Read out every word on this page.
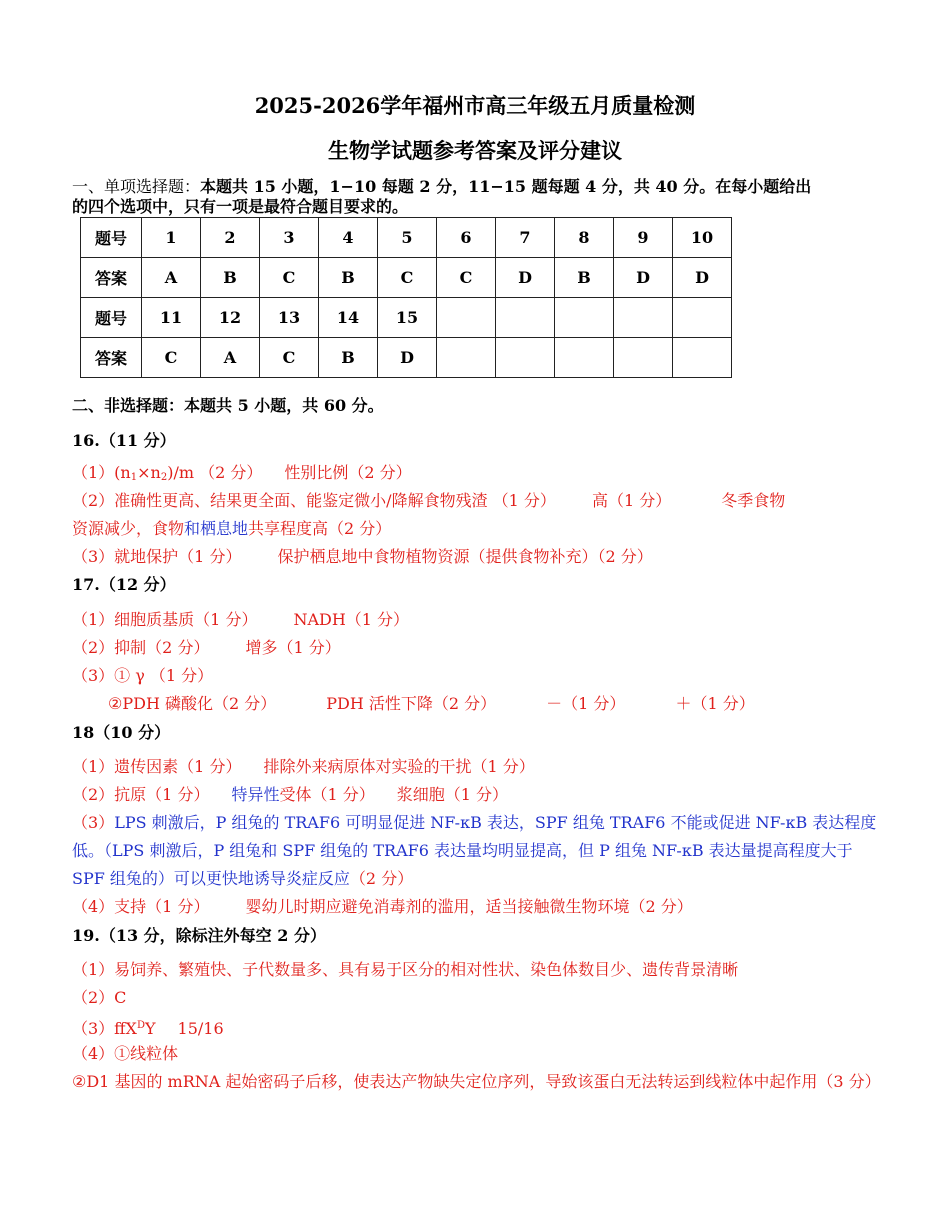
2025-2026学年福州市高三年级五月质量检测
生物学试题参考答案及评分建议
一、单项选择题：本题共 15 小题，1−10 每题 2 分，11−15 题每题 4 分，共 40 分。在每小题给出
的四个选项中，只有一项是最符合题目要求的。
题号	1	2	3	4	5	6	7	8	9	10
答案	A	B	C	B	C	C	D	B	D	D
题号	11	12	13	14	15					
答案	C	A	C	B	D					
二、非选择题：本题共 5 小题，共 60 分。
16.（11 分）
$(1)(n_1\times n_2)/m$ （2 分） 性别比例（2 分）
（2）准确性更高、结果更全面、能鉴定微小/降解食物残渣 （1 分） 高（1 分）	冬季食物
资源减少，食物和栖息地共享程度高（2 分）
（3）就地保护（1 分） 保护栖息地中食物植物资源（提供食物补充）（2 分）
17.（12 分）
（1）细胞质基质（1 分） NADH（1 分）
（2）抑制（2 分） 增多（1 分）
（3）① γ （1 分）
②PDH 磷酸化（2 分）	PDH 活性下降（2 分）	－（1 分）	＋（1 分）
18（10 分）
（1）遗传因素（1 分） 排除外来病原体对实验的干扰（1 分）
（2）抗原（1 分） 特异性受体（1 分） 浆细胞（1 分）
（3）LPS 刺激后，P 组兔的 TRAF6 可明显促进 NF-κB 表达，SPF 组兔 TRAF6 不能或促进 NF-κB 表达程度低。（LPS 刺激后，P 组兔和 SPF 组兔的 TRAF6 表达量均明显提高，但 P 组兔 NF-κB 表达量提高程度大于 SPF 组兔的）可以更快地诱导炎症反应（2 分）
（4）支持（1 分） 婴幼儿时期应避免消毒剂的滥用，适当接触微生物环境（2 分）
19.（13 分，除标注外每空 2 分）
（1）易饲养、繁殖快、子代数量多、具有易于区分的相对性状、染色体数目少、遗传背景清晰
（2）C
（3）ffX$^D$Y 15/16
（4）①线粒体
②D1 基因的 mRNA 起始密码子后移，使表达产物缺失定位序列，导致该蛋白无法转运到线粒体中起作用（3 分）
